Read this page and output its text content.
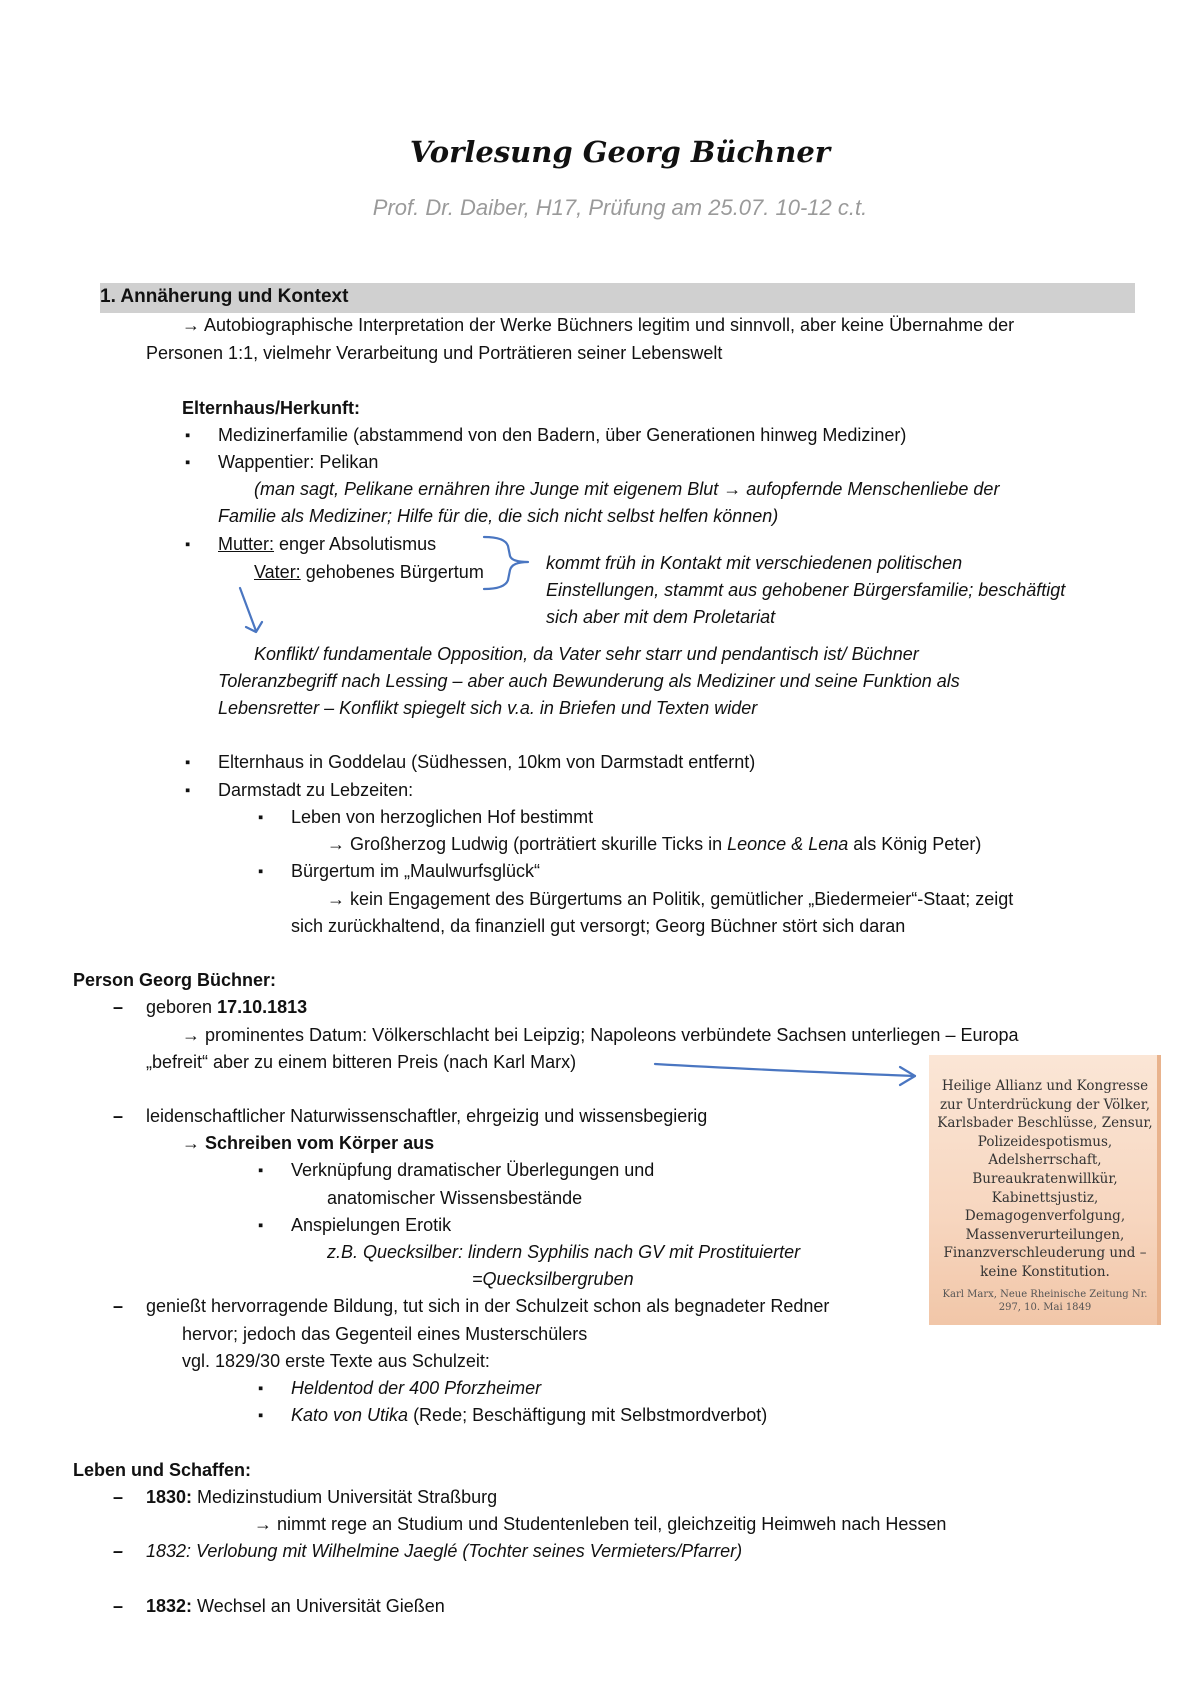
Vorlesung Georg Büchner
Prof. Dr. Daiber, H17, Prüfung am 25.07. 10-12 c.t.
1. Annäherung und Kontext
→ Autobiographische Interpretation der Werke Büchners legitim und sinnvoll, aber keine Übernahme der
Personen 1:1, vielmehr Verarbeitung und Porträtieren seiner Lebenswelt
Elternhaus/Herkunft:
▪ Medizinerfamilie (abstammend von den Badern, über Generationen hinweg Mediziner)
▪ Wappentier: Pelikan
(man sagt, Pelikane ernähren ihre Junge mit eigenem Blut → aufopfernde Menschenliebe der
Familie als Mediziner; Hilfe für die, die sich nicht selbst helfen können)
▪ Mutter: enger Absolutismus
Vater: gehobenes Bürgertum	kommt früh in Kontakt mit verschiedenen politischen
Einstellungen, stammt aus gehobener Bürgersfamilie; beschäftigt
sich aber mit dem Proletariat
Konflikt/ fundamentale Opposition, da Vater sehr starr und pendantisch ist/ Büchner
Toleranzbegriff nach Lessing – aber auch Bewunderung als Mediziner und seine Funktion als
Lebensretter – Konflikt spiegelt sich v.a. in Briefen und Texten wider
▪ Elternhaus in Goddelau (Südhessen, 10km von Darmstadt entfernt)
▪ Darmstadt zu Lebzeiten:
▪ Leben von herzoglichen Hof bestimmt
→ Großherzog Ludwig (porträtiert skurille Ticks in Leonce & Lena als König Peter)
▪ Bürgertum im „Maulwurfsglück“
→ kein Engagement des Bürgertums an Politik, gemütlicher „Biedermeier“-Staat; zeigt
sich zurückhaltend, da finanziell gut versorgt; Georg Büchner stört sich daran
Person Georg Büchner:
– geboren 17.10.1813
→ prominentes Datum: Völkerschlacht bei Leipzig; Napoleons verbündete Sachsen unterliegen – Europa
„befreit“ aber zu einem bitteren Preis (nach Karl Marx)
– leidenschaftlicher Naturwissenschaftler, ehrgeizig und wissensbegierig
→ Schreiben vom Körper aus
▪ Verknüpfung dramatischer Überlegungen und
anatomischer Wissensbestände
▪ Anspielungen Erotik
z.B. Quecksilber: lindern Syphilis nach GV mit Prostituierter
=Quecksilbergruben
– genießt hervorragende Bildung, tut sich in der Schulzeit schon als begnadeter Redner
hervor; jedoch das Gegenteil eines Musterschülers
vgl. 1829/30 erste Texte aus Schulzeit:
▪ Heldentod der 400 Pforzheimer
▪ Kato von Utika (Rede; Beschäftigung mit Selbstmordverbot)
Heilige Allianz und Kongresse zur Unterdrückung der Völker, Karlsbader Beschlüsse, Zensur, Polizeidespotismus, Adelsherrschaft, Bureaukratenwillkür, Kabinettsjustiz, Demagogenverfolgung, Massenverurteilungen, Finanzverschleuderung und – keine Konstitution.
Karl Marx, Neue Rheinische Zeitung Nr. 297, 10. Mai 1849
Leben und Schaffen:
– 1830: Medizinstudium Universität Straßburg
→ nimmt rege an Studium und Studentenleben teil, gleichzeitig Heimweh nach Hessen
– 1832: Verlobung mit Wilhelmine Jaeglé (Tochter seines Vermieters/Pfarrer)
– 1832: Wechsel an Universität Gießen
